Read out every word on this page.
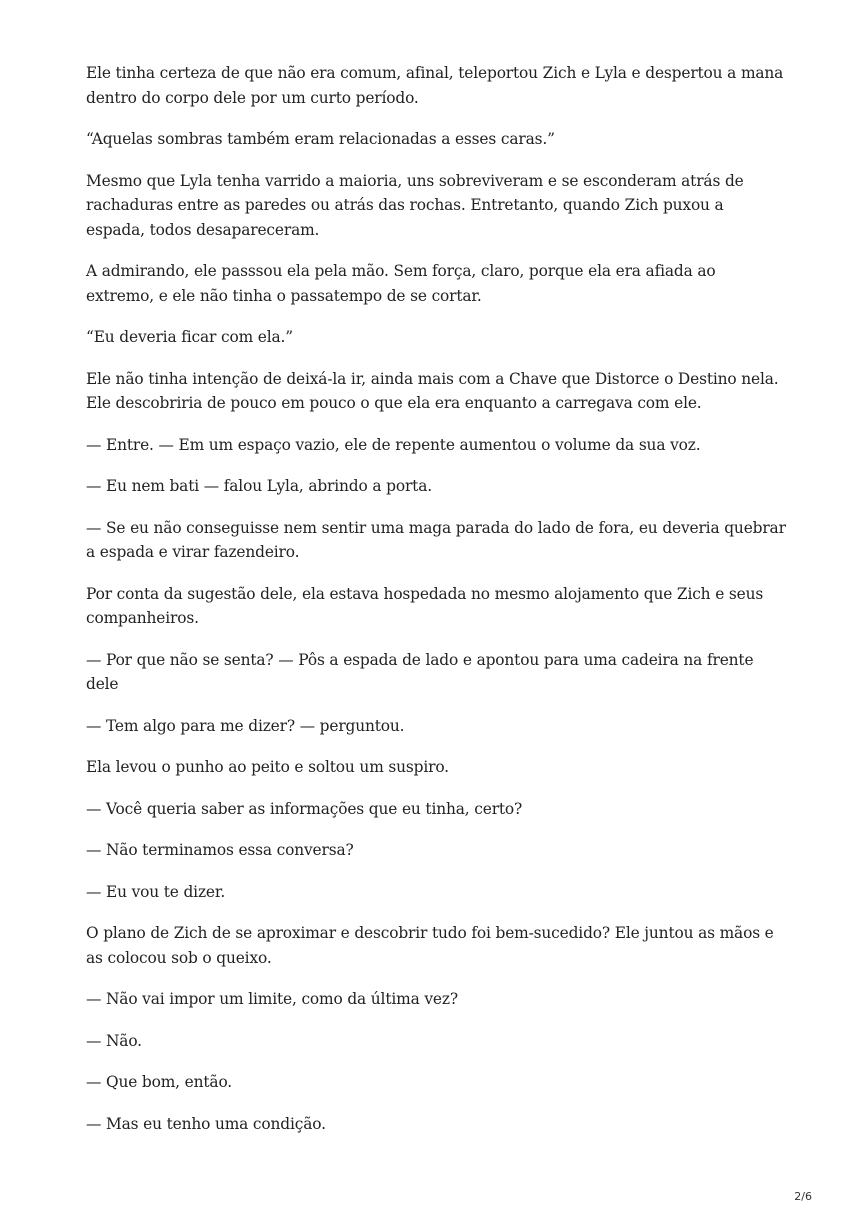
Ele tinha certeza de que não era comum, afinal, teleportou Zich e Lyla e despertou a mana
dentro do corpo dele por um curto período.

“Aquelas sombras também eram relacionadas a esses caras.”

Mesmo que Lyla tenha varrido a maioria, uns sobreviveram e se esconderam atrás de
rachaduras entre as paredes ou atrás das rochas. Entretanto, quando Zich puxou a
espada, todos desapareceram.

A admirando, ele passsou ela pela mão. Sem força, claro, porque ela era afiada ao
extremo, e ele não tinha o passatempo de se cortar.

“Eu deveria ficar com ela.”

Ele não tinha intenção de deixá-la ir, ainda mais com a Chave que Distorce o Destino nela.
Ele descobriria de pouco em pouco o que ela era enquanto a carregava com ele.

— Entre. — Em um espaço vazio, ele de repente aumentou o volume da sua voz.

— Eu nem bati — falou Lyla, abrindo a porta.

— Se eu não conseguisse nem sentir uma maga parada do lado de fora, eu deveria quebrar
a espada e virar fazendeiro.

Por conta da sugestão dele, ela estava hospedada no mesmo alojamento que Zich e seus
companheiros.

— Por que não se senta? — Pôs a espada de lado e apontou para uma cadeira na frente
dele

— Tem algo para me dizer? — perguntou.

Ela levou o punho ao peito e soltou um suspiro.

— Você queria saber as informações que eu tinha, certo?

— Não terminamos essa conversa?

— Eu vou te dizer.

O plano de Zich de se aproximar e descobrir tudo foi bem-sucedido? Ele juntou as mãos e
as colocou sob o queixo.

— Não vai impor um limite, como da última vez?

— Não.

— Que bom, então.

— Mas eu tenho uma condição.

2/6
